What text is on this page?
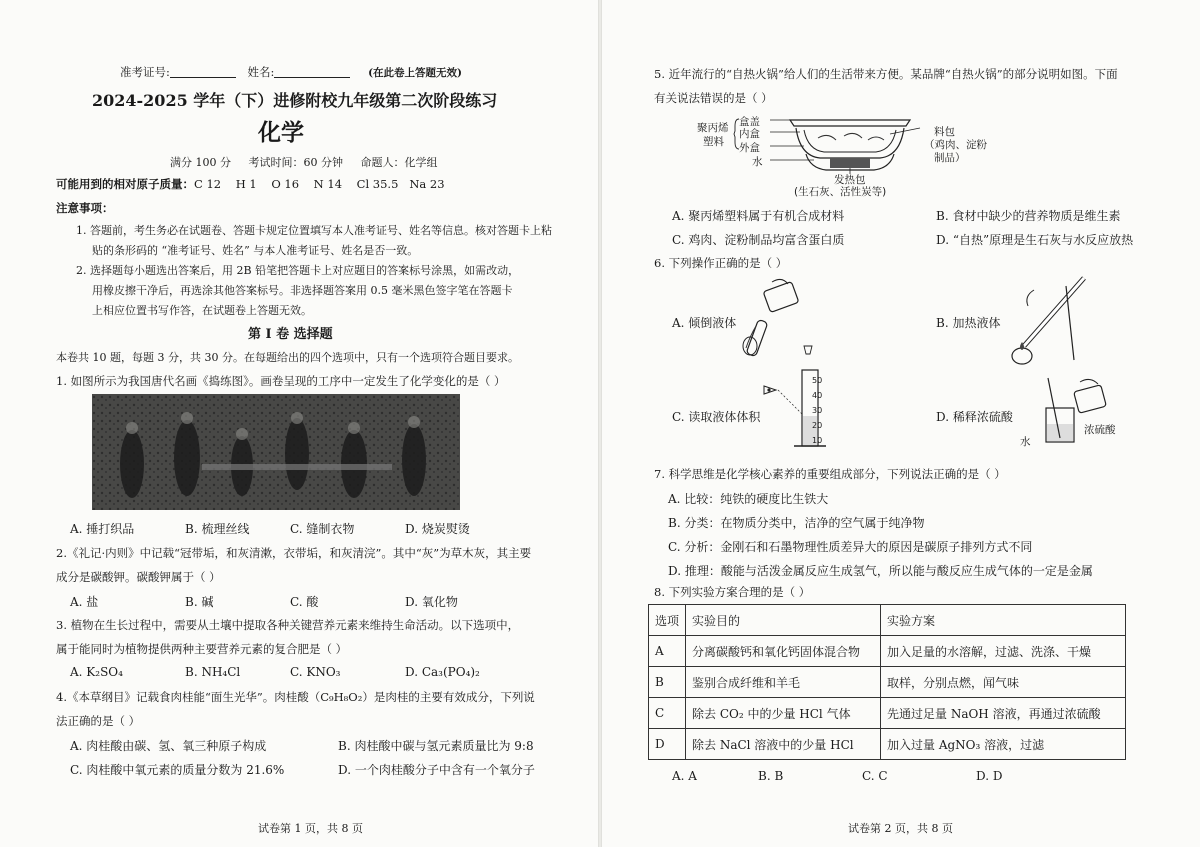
准考证号:	姓名:	(在此卷上答题无效)
2024-2025 学年（下）进修附校九年级第二次阶段练习
化学
满分 100 分 考试时间：60 分钟 命题人：化学组
可能用到的相对原子质量：C 12    H 1    O 16    N 14    Cl 35.5   Na 23
注意事项：
1. 答题前，考生务必在试题卷、答题卡规定位置填写本人准考证号、姓名等信息。核对答题卡上粘
贴的条形码的 “准考证号、姓名” 与本人准考证号、姓名是否一致。
2. 选择题每小题选出答案后，用 2B 铅笔把答题卡上对应题目的答案标号涂黑，如需改动，
用橡皮擦干净后，再选涂其他答案标号。非选择题答案用 0.5 毫米黑色签字笔在答题卡
上相应位置书写作答，在试题卷上答题无效。
第 Ⅰ 卷 选择题
本卷共 10 题，每题 3 分，共 30 分。在每题给出的四个选项中，只有一个选项符合题目要求。
1. 如图所示为我国唐代名画《捣练图》。画卷呈现的工序中一定发生了化学变化的是（ ）
A. 捶打织品	B. 梳理丝线	C. 缝制衣物	D. 烧炭熨烫
2.《礼记·内则》中记载“冠带垢，和灰清漱，衣带垢，和灰清浣”。其中“灰”为草木灰，其主要
成分是碳酸钾。碳酸钾属于（ ）
A. 盐	B. 碱	C. 酸	D. 氧化物
3. 植物在生长过程中，需要从土壤中提取各种关键营养元素来维持生命活动。以下选项中，
属于能同时为植物提供两种主要营养元素的复合肥是（ ）
A. K₂SO₄	B. NH₄Cl	C. KNO₃	D. Ca₃(PO₄)₂
4.《本草纲目》记载食肉桂能“面生光华”。肉桂酸（C₉H₈O₂）是肉桂的主要有效成分，下列说
法正确的是（ ）
A. 肉桂酸由碳、氢、氧三种原子构成	B. 肉桂酸中碳与氢元素质量比为 9:8
C. 肉桂酸中氧元素的质量分数为 21.6%	D. 一个肉桂酸分子中含有一个氧分子
试卷第 1 页，共 8 页
5. 近年流行的“自热火锅”给人们的生活带来方便。某品牌“自热火锅”的部分说明如图。下面
有关说法错误的是（ ）
盒盖
内盒
外盒
水
聚丙烯
塑料
料包
（鸡肉、淀粉
制品）
发热包
(生石灰、活性炭等)
A. 聚丙烯塑料属于有机合成材料	B. 食材中缺少的营养物质是维生素
C. 鸡肉、淀粉制品均富含蛋白质	D. “自热”原理是生石灰与水反应放热
6. 下列操作正确的是（ ）
A. 倾倒液体	B. 加热液体
C. 读取液体体积
50
40
30
20
10
D. 稀释浓硫酸
水
浓硫酸
7. 科学思维是化学核心素养的重要组成部分，下列说法正确的是（ ）
A. 比较：纯铁的硬度比生铁大
B. 分类：在物质分类中，洁净的空气属于纯净物
C. 分析：金刚石和石墨物理性质差异大的原因是碳原子排列方式不同
D. 推理：酸能与活泼金属反应生成氢气，所以能与酸反应生成气体的一定是金属
8. 下列实验方案合理的是（ ）
A. A	B. B	C. C	D. D
试卷第 2 页，共 8 页
选项	实验目的	实验方案
A	分离碳酸钙和氧化钙固体混合物	加入足量的水溶解，过滤、洗涤、干燥
B	鉴别合成纤维和羊毛	取样，分别点燃，闻气味
C	除去 CO₂ 中的少量 HCl 气体	先通过足量 NaOH 溶液，再通过浓硫酸
D	除去 NaCl 溶液中的少量 HCl	加入过量 AgNO₃ 溶液，过滤
